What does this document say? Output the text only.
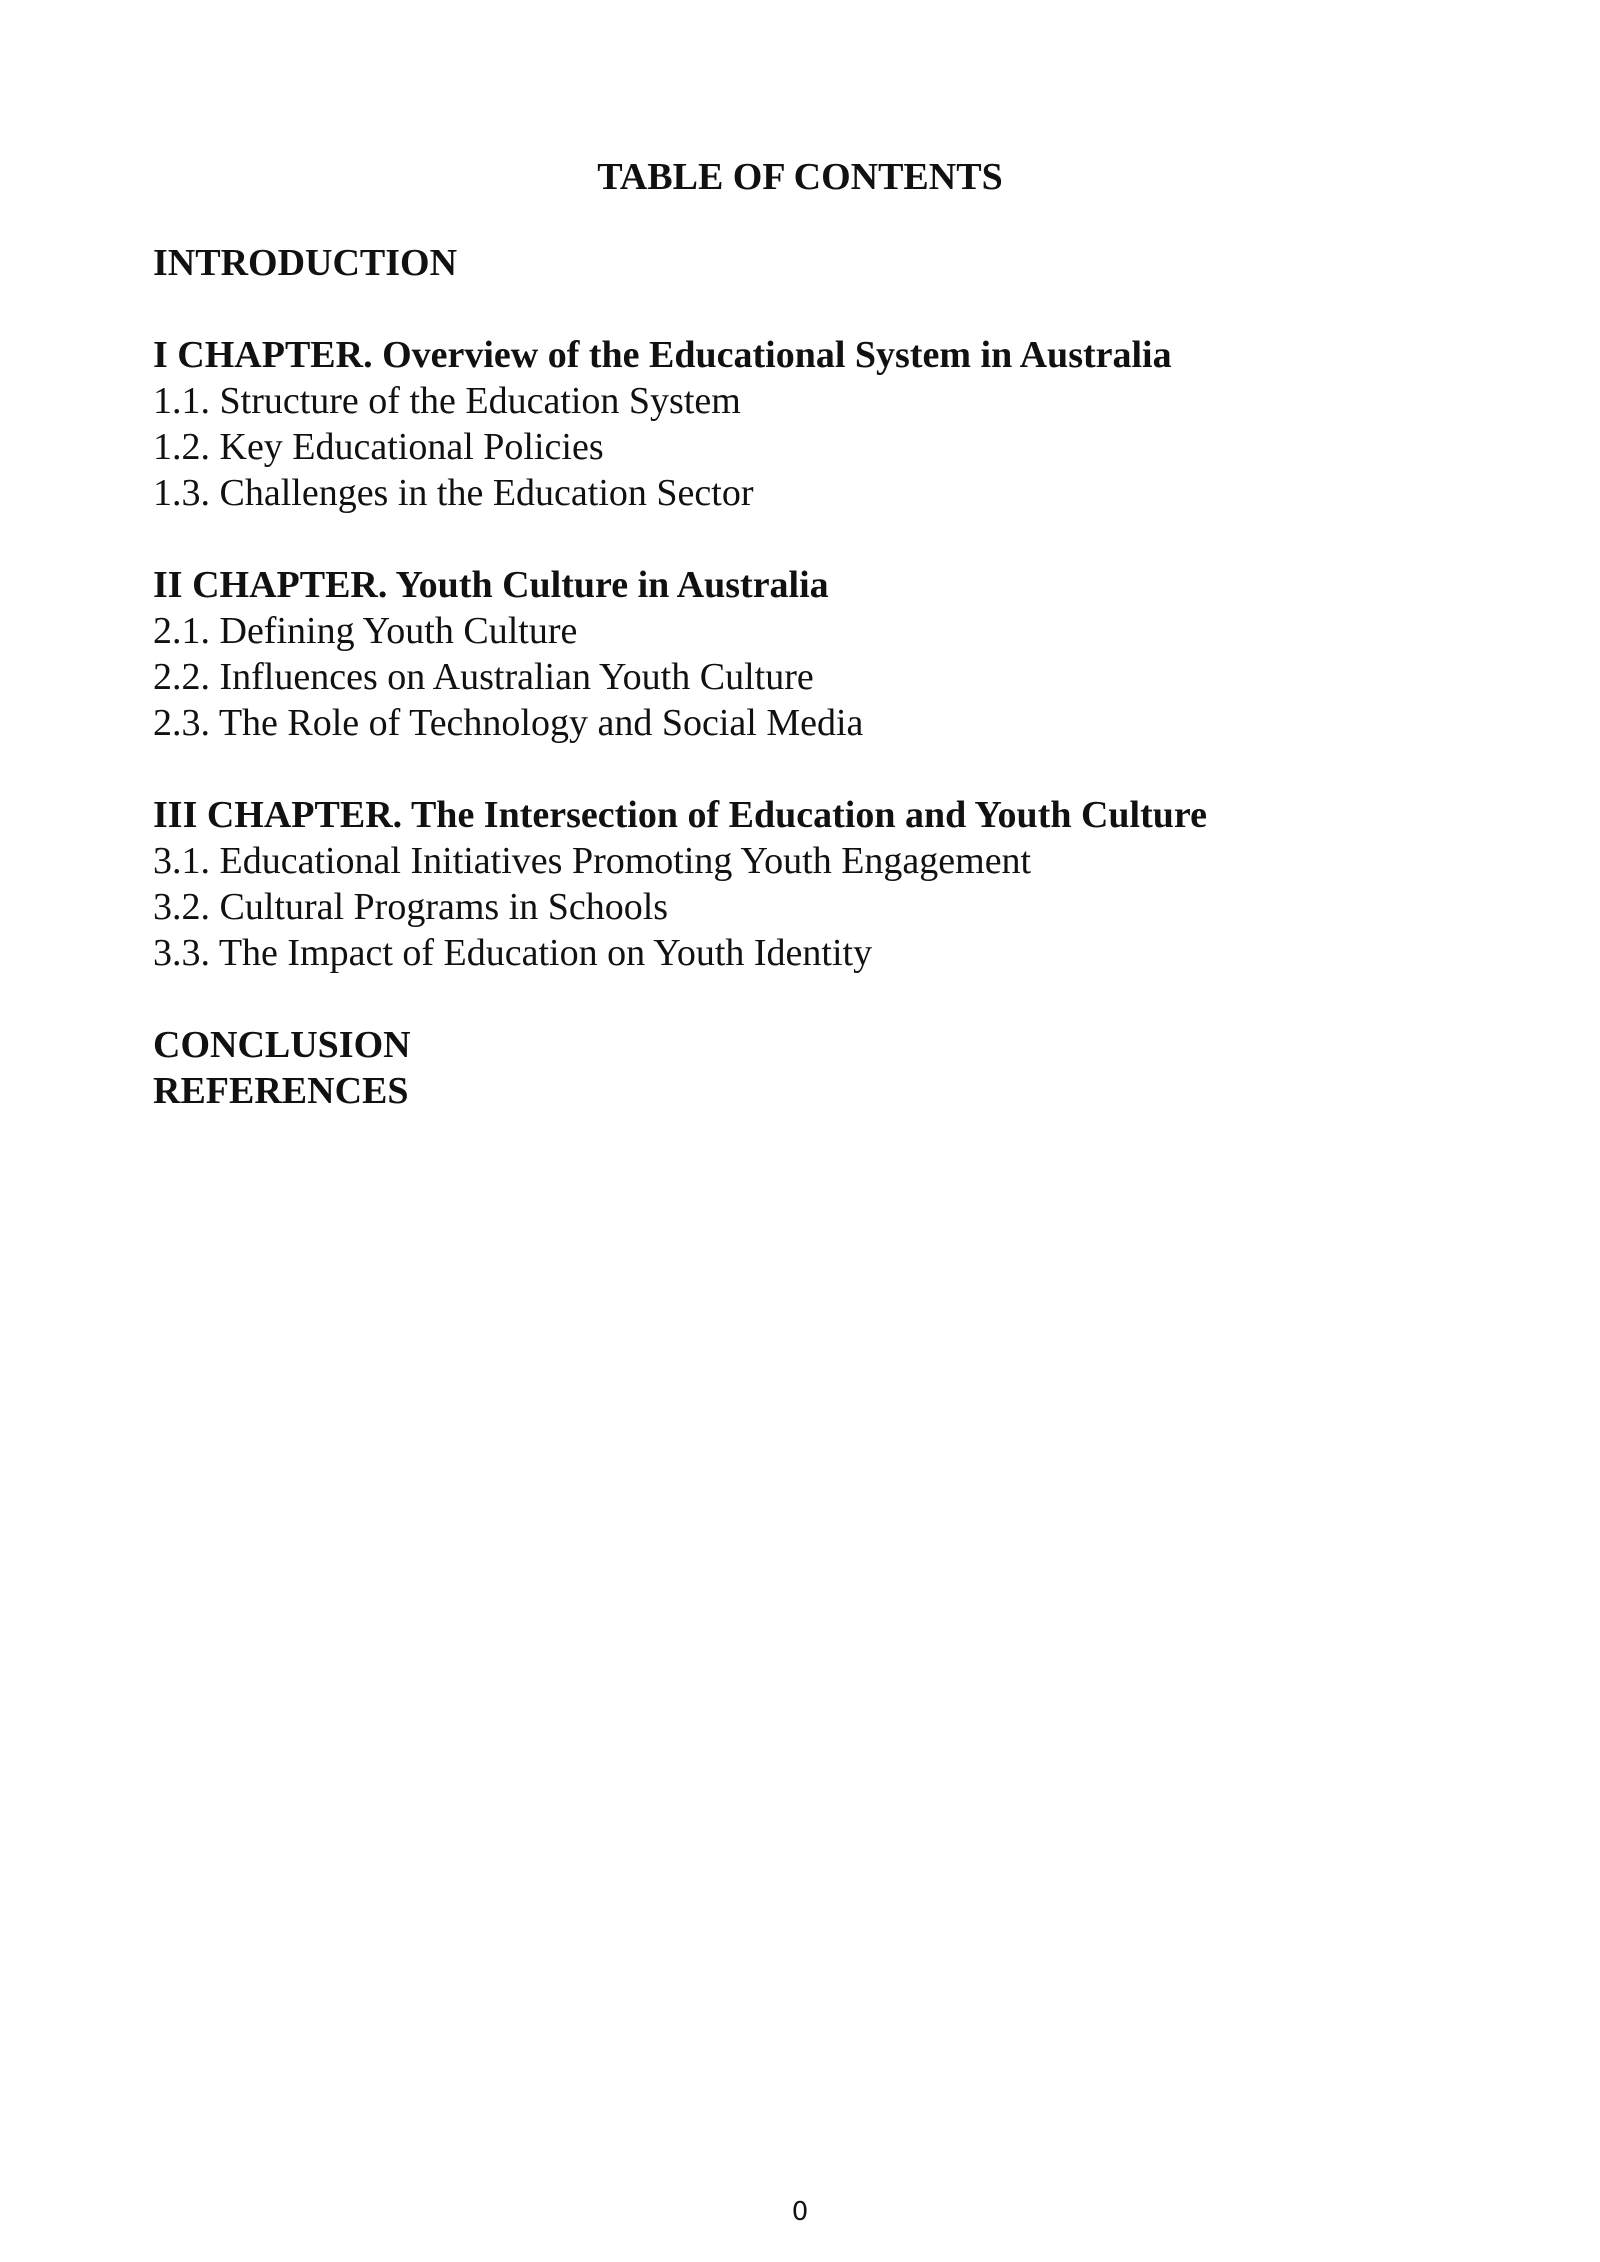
TABLE OF CONTENTS
INTRODUCTION
I CHAPTER. Overview of the Educational System in Australia
1.1. Structure of the Education System
1.2. Key Educational Policies
1.3. Challenges in the Education Sector
II CHAPTER. Youth Culture in Australia
2.1. Defining Youth Culture
2.2. Influences on Australian Youth Culture
2.3. The Role of Technology and Social Media
III CHAPTER. The Intersection of Education and Youth Culture
3.1. Educational Initiatives Promoting Youth Engagement
3.2. Cultural Programs in Schools
3.3. The Impact of Education on Youth Identity
CONCLUSION
REFERENCES
0
